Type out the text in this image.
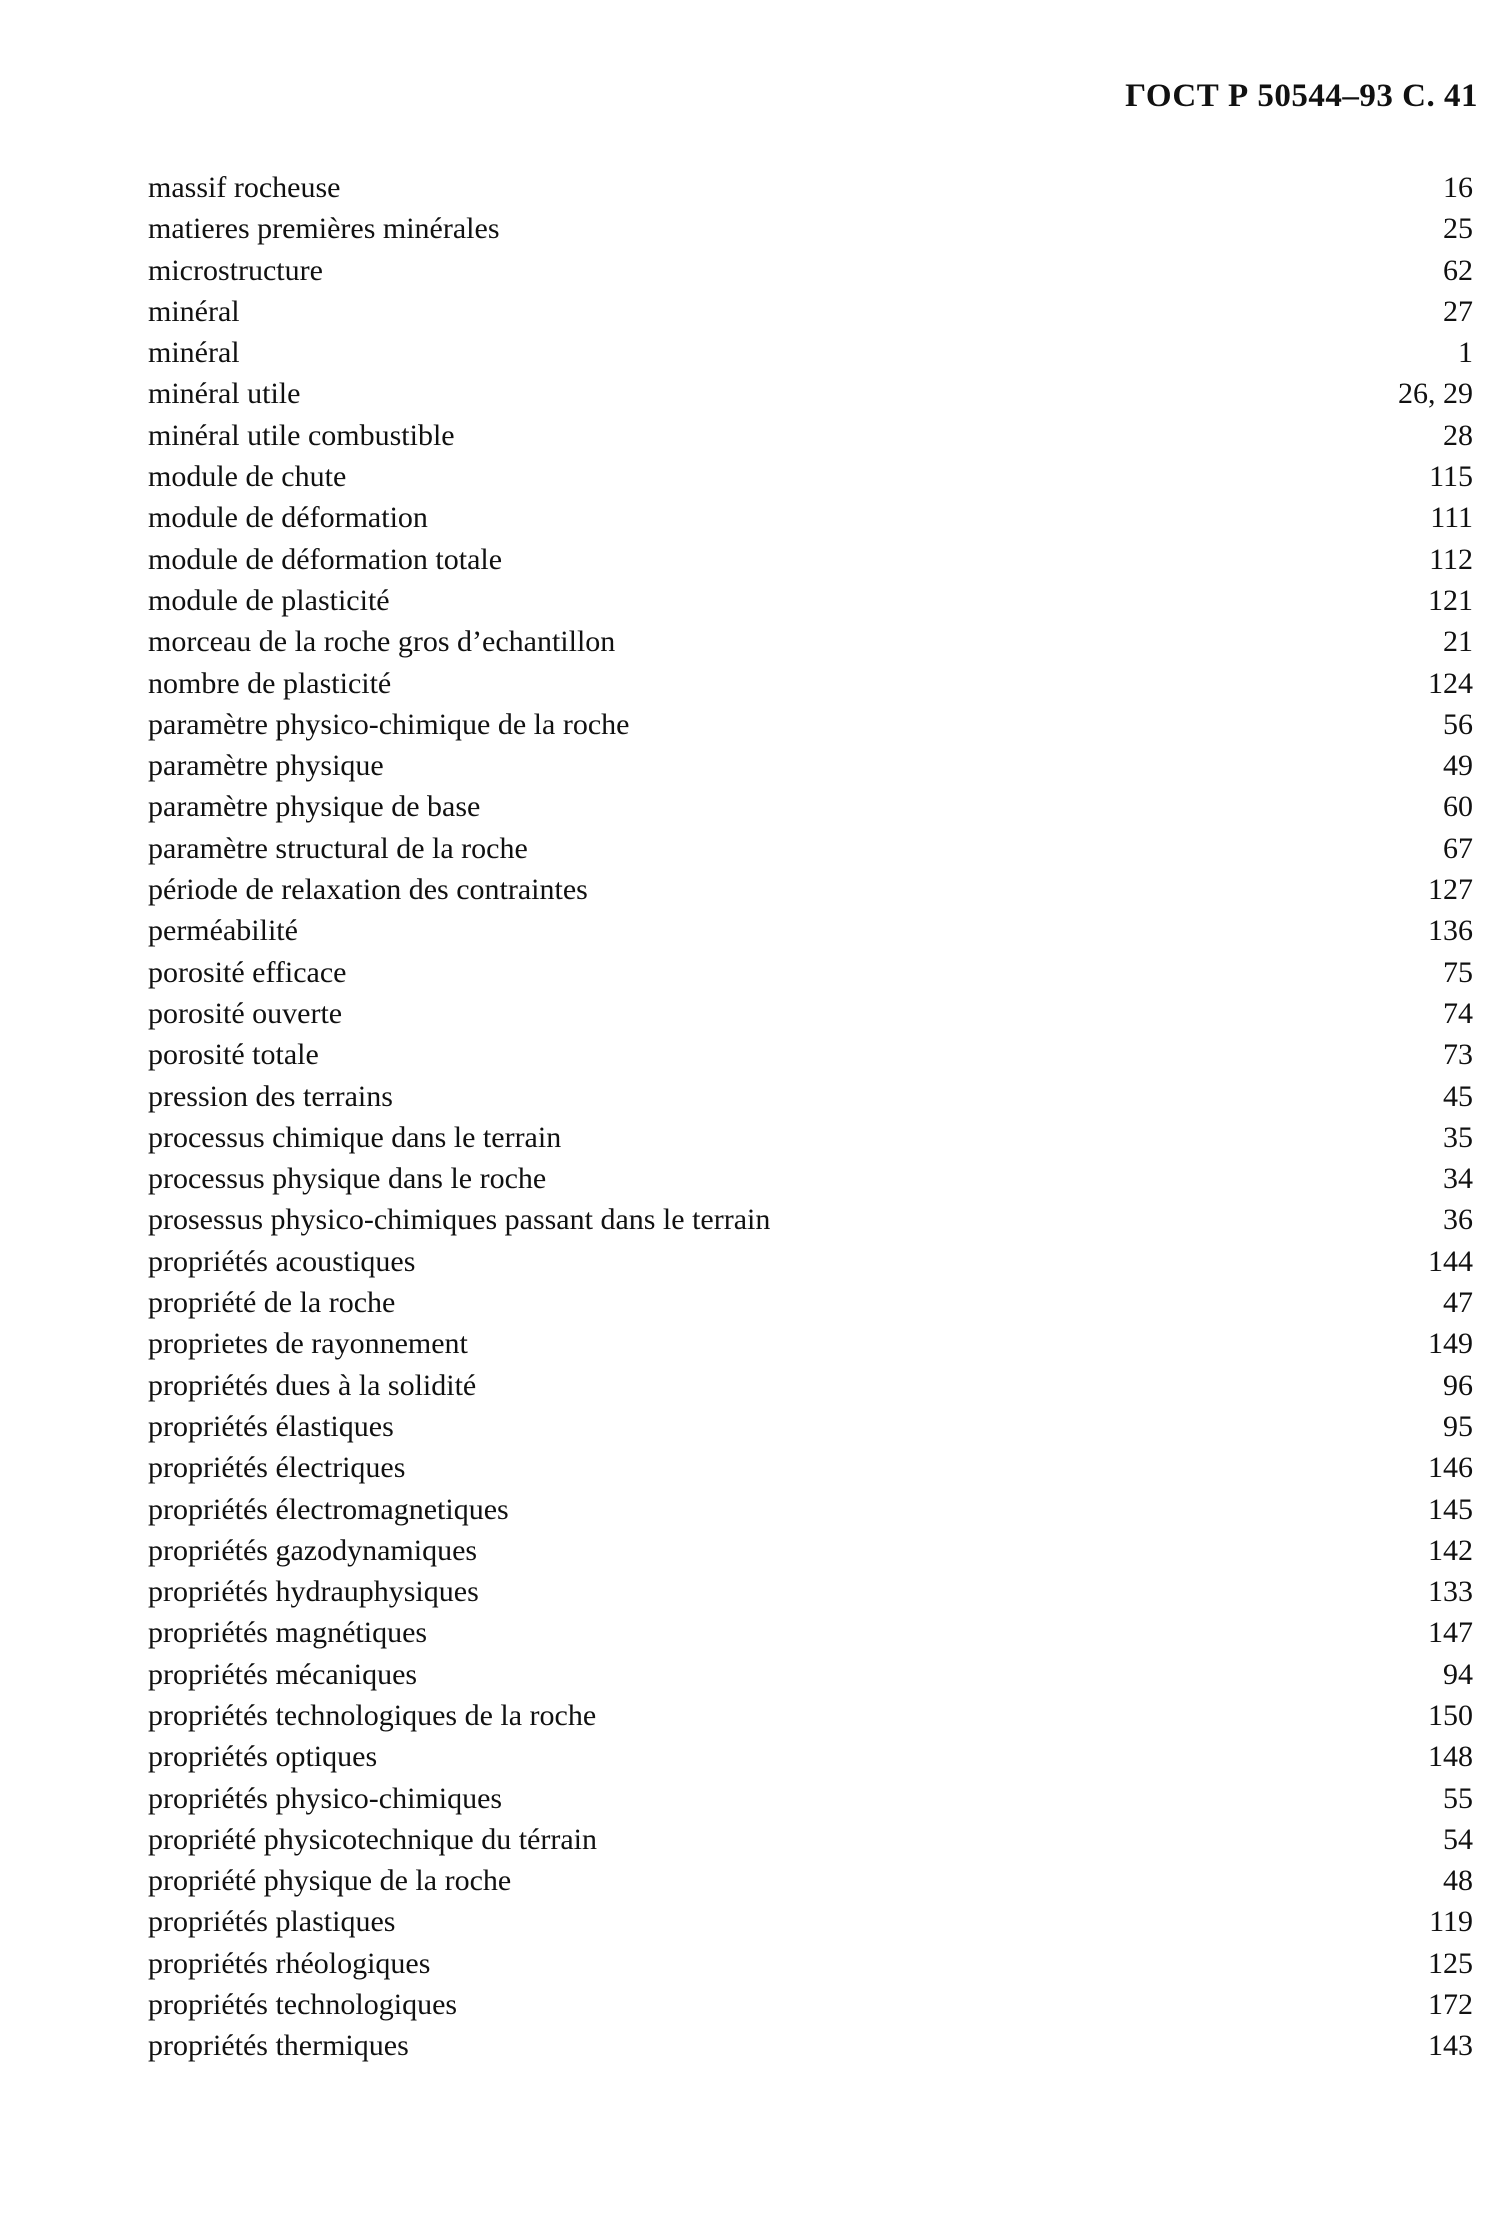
ГОСТ Р 50544–93 С. 41
massif rocheuse	16
matieres premières minérales	25
microstructure	62
minéral	27
minéral	1
minéral utile	26, 29
minéral utile combustible	28
module de chute	115
module de déformation	111
module de déformation totale	112
module de plasticité	121
morceau de la roche gros d’echantillon	21
nombre de plasticité	124
paramètre physico-chimique de la roche	56
paramètre physique	49
paramètre physique de base	60
paramètre structural de la roche	67
période de relaxation des contraintes	127
perméabilité	136
porosité efficace	75
porosité ouverte	74
porosité totale	73
pression des terrains	45
processus chimique dans le terrain	35
processus physique dans le roche	34
prosessus physico-chimiques passant dans le terrain	36
propriétés acoustiques	144
propriété de la roche	47
proprietes de rayonnement	149
propriétés dues à la solidité	96
propriétés élastiques	95
propriétés électriques	146
propriétés électromagnetiques	145
propriétés gazodynamiques	142
propriétés hydrauphysiques	133
propriétés magnétiques	147
propriétés mécaniques	94
propriétés technologiques de la roche	150
propriétés optiques	148
propriétés physico-chimiques	55
propriété physicotechnique du térrain	54
propriété physique de la roche	48
propriétés plastiques	119
propriétés rhéologiques	125
propriétés technologiques	172
propriétés thermiques	143
